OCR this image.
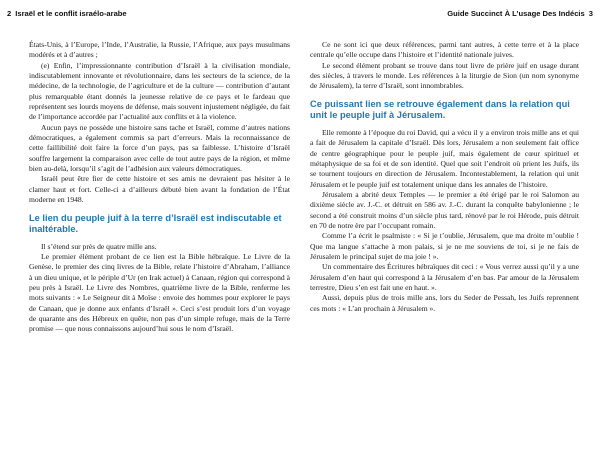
2 Israël et le conflit israélo-arabe

États-Unis, à l’Europe, l’Inde, l’Australie, la Russie, l’Afrique, aux pays musulmans modérés et à d’autres ;

(e) Enfin, l’impressionnante contribution d’Israël à la civilisation mondiale, indiscutablement innovante et révolutionnaire, dans les secteurs de la science, de la médecine, de la technologie, de l’agriculture et de la culture — contribution d’autant plus remarquable étant donnés la jeunesse relative de ce pays et le fardeau que représentent ses lourds moyens de défense, mais souvent injustement négligée, du fait de l’importance accordée par l’actualité aux conflits et à la violence.

Aucun pays ne possède une histoire sans tache et Israël, comme d’autres nations démocratiques, a également commis sa part d’erreurs. Mais la reconnaissance de cette faillibilité doit faire la force d’un pays, pas sa faiblesse. L’histoire d’Israël souffre largement la comparaison avec celle de tout autre pays de la région, et même bien au-delà, lorsqu’il s’agit de l’adhésion aux valeurs démocratiques.

Israël peut être fier de cette histoire et ses amis ne devraient pas hésiter à le clamer haut et fort. Celle-ci a d’ailleurs débuté bien avant la fondation de l’État moderne en 1948.

Le lien du peuple juif à la terre d’Israël est indiscutable et inaltérable.

Il s’étend sur près de quatre mille ans.

Le premier élément probant de ce lien est la Bible hébraïque. Le Livre de la Genèse, le premier des cinq livres de la Bible, relate l’histoire d’Abraham, l’alliance à un dieu unique, et le périple d’Ur (en Irak actuel) à Canaan, région qui correspond à peu près à Israël. Le Livre des Nombres, quatrième livre de la Bible, renferme les mots suivants : « Le Seigneur dit à Moïse : envoie des hommes pour explorer le pays de Canaan, que je donne aux enfants d’Israël ». Ceci s’est produit lors d’un voyage de quarante ans des Hébreux en quête, non pas d’un simple refuge, mais de la Terre promise — que nous connaissons aujourd’hui sous le nom d’Israël.

Guide Succinct À L’usage Des Indécis 3

Ce ne sont ici que deux références, parmi tant autres, à cette terre et à la place centrale qu’elle occupe dans l’histoire et l’identité nationale juives.

Le second élément probant se trouve dans tout livre de prière juif en usage durant des siècles, à travers le monde. Les références à la liturgie de Sion (un nom synonyme de Jérusalem), la terre d’Israël, sont innombrables.

Ce puissant lien se retrouve également dans la relation qui unit le peuple juif à Jérusalem.

Elle remonte à l’époque du roi David, qui a vécu il y a environ trois mille ans et qui a fait de Jérusalem la capitale d’Israël. Dès lors, Jérusalem a non seulement fait office de centre géographique pour le peuple juif, mais également de cœur spirituel et métaphysique de sa foi et de son identité. Quel que soit l’endroit où prient les Juifs, ils se tournent toujours en direction de Jérusalem. Incontestablement, la relation qui unit Jérusalem et le peuple juif est totalement unique dans les annales de l’histoire.

Jérusalem a abrité deux Temples — le premier a été érigé par le roi Salomon au dixième siècle av. J.-C. et détruit en 586 av. J.-C. durant la conquête babylonienne ; le second a été construit moins d’un siècle plus tard, rénové par le roi Hérode, puis détruit en 70 de notre ère par l’occupant romain.

Comme l’a écrit le psalmiste : « Si je t’oublie, Jérusalem, que ma droite m’oublie ! Que ma langue s’attache à mon palais, si je ne me souviens de toi, si je ne fais de Jérusalem le principal sujet de ma joie ! ».

Un commentaire des Écritures hébraïques dit ceci : « Vous verrez aussi qu’il y a une Jérusalem d’en haut qui correspond à la Jérusalem d’en bas. Par amour de la Jérusalem terrestre, Dieu s’en est fait une en haut. ».

Aussi, depuis plus de trois mille ans, lors du Seder de Pessah, les Juifs reprennent ces mots : « L’an prochain à Jérusalem ».
